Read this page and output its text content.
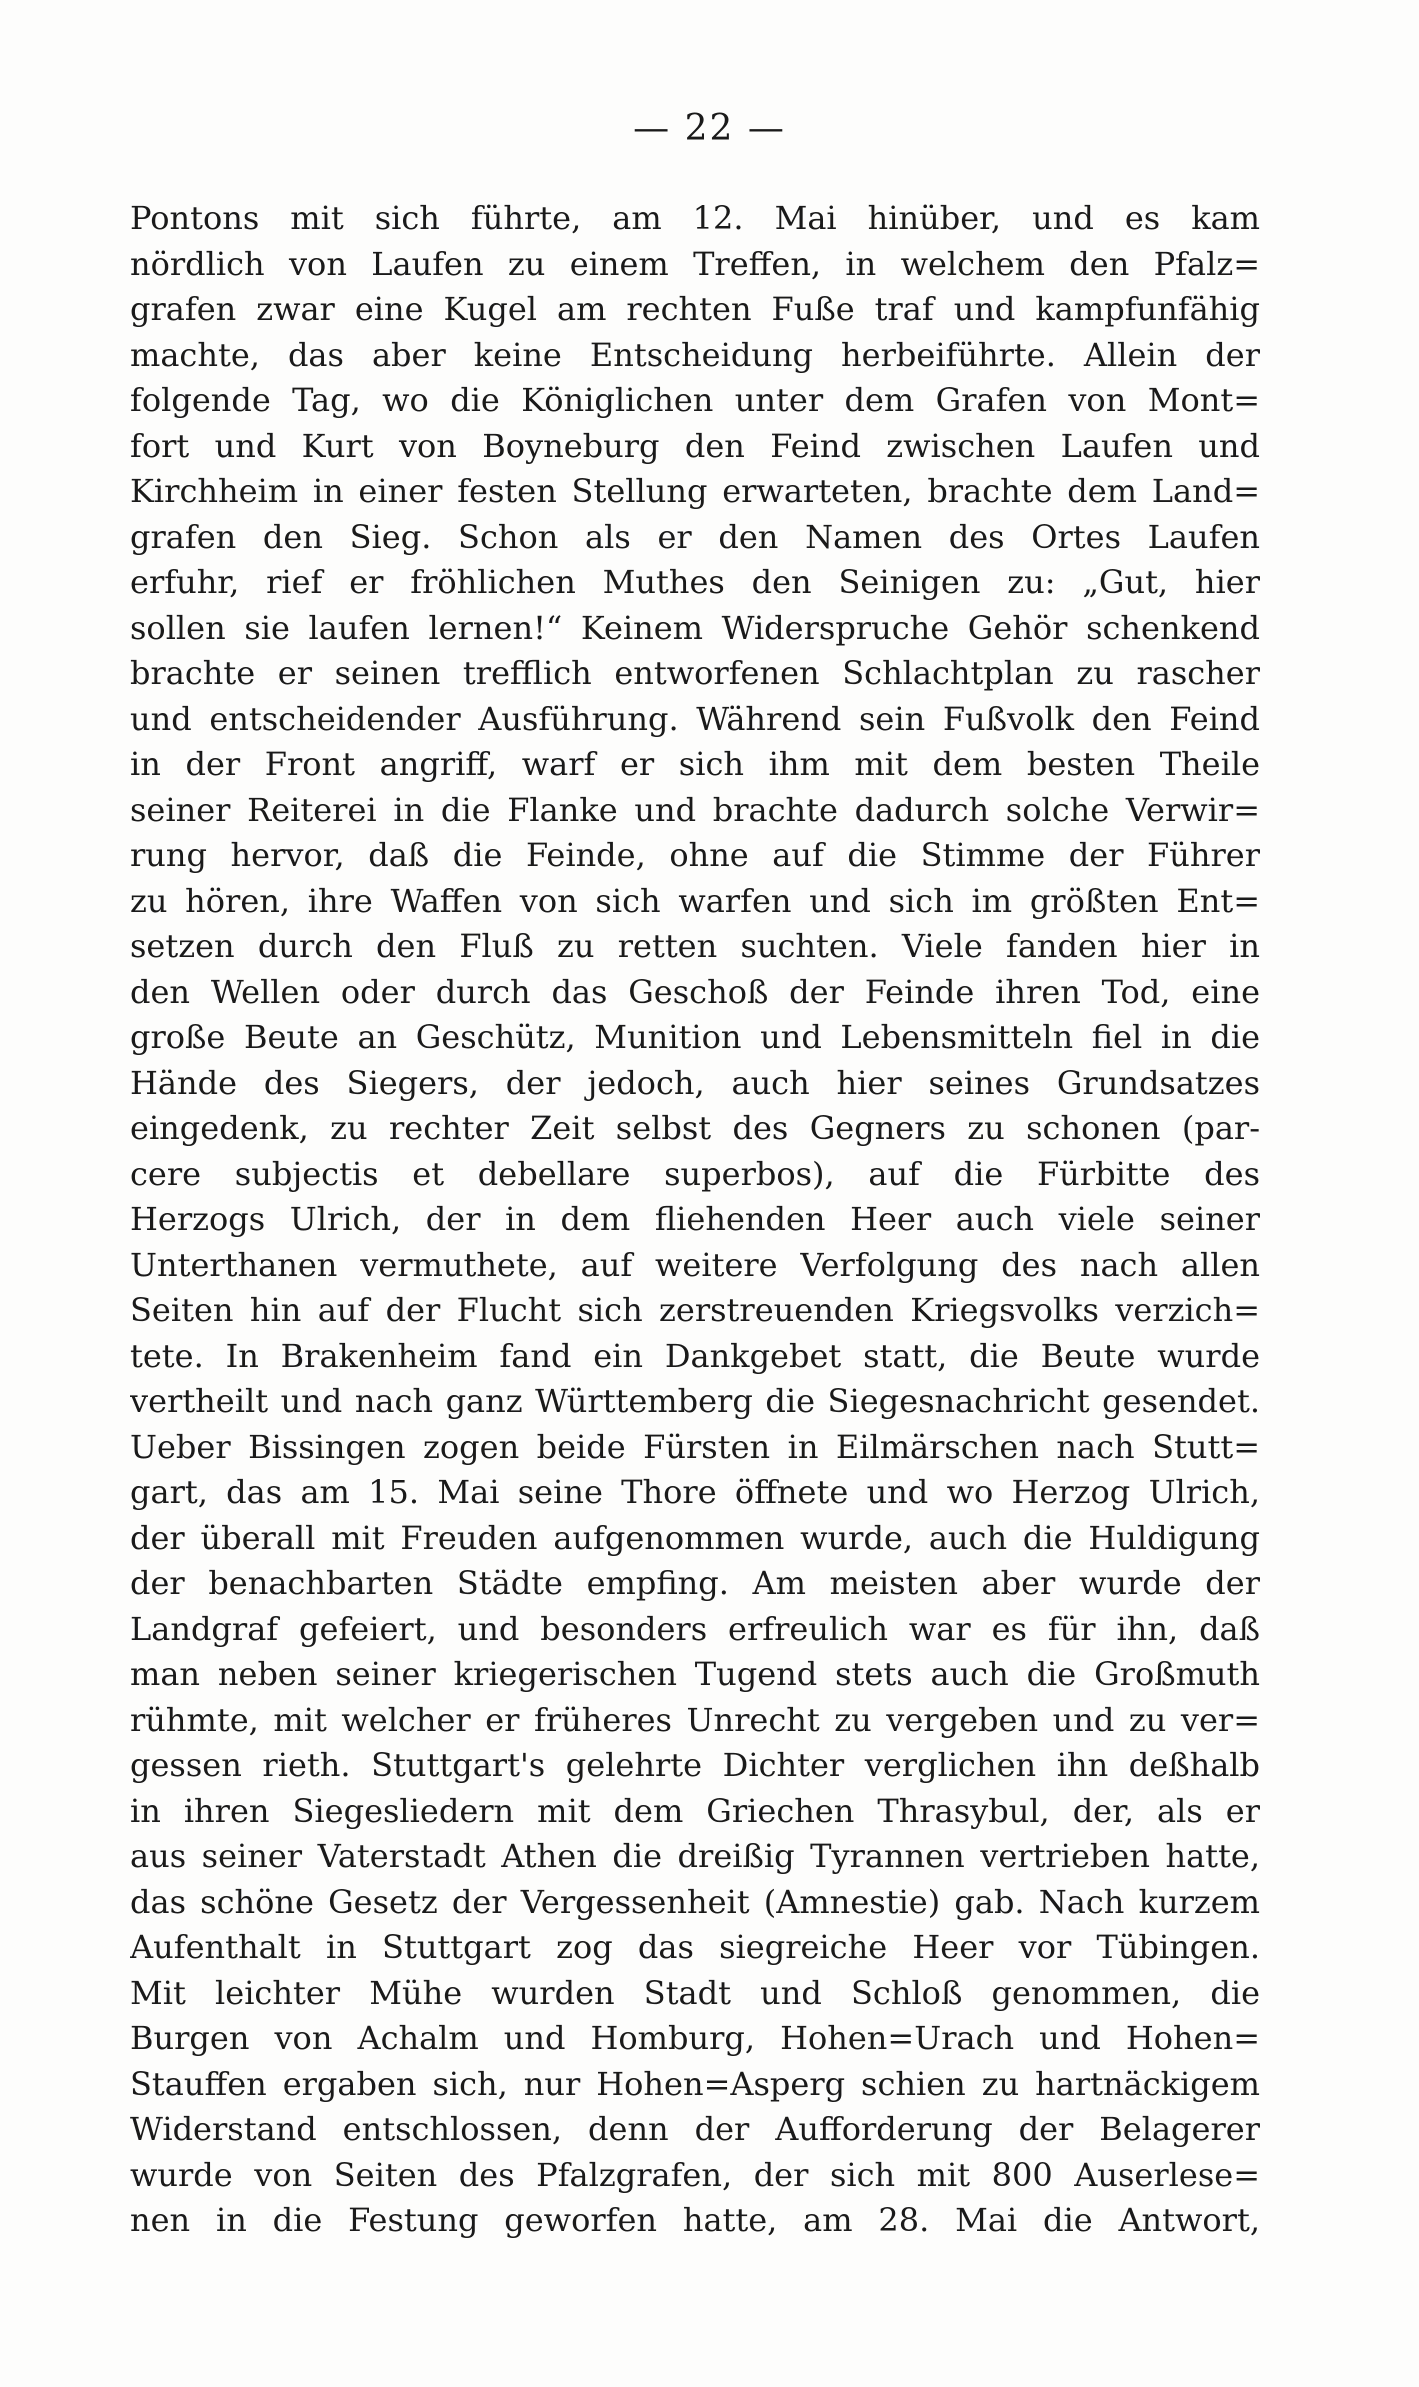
— 22 —
Pontons mit sich führte, am 12. Mai hinüber, und es kam
nördlich von Laufen zu einem Treffen, in welchem den Pfalz=
grafen zwar eine Kugel am rechten Fuße traf und kampfunfähig
machte, das aber keine Entscheidung herbeiführte. Allein der
folgende Tag, wo die Königlichen unter dem Grafen von Mont=
fort und Kurt von Boyneburg den Feind zwischen Laufen und
Kirchheim in einer festen Stellung erwarteten, brachte dem Land=
grafen den Sieg. Schon als er den Namen des Ortes Laufen
erfuhr, rief er fröhlichen Muthes den Seinigen zu: „Gut, hier
sollen sie laufen lernen!“ Keinem Widerspruche Gehör schenkend
brachte er seinen trefflich entworfenen Schlachtplan zu rascher
und entscheidender Ausführung. Während sein Fußvolk den Feind
in der Front angriff, warf er sich ihm mit dem besten Theile
seiner Reiterei in die Flanke und brachte dadurch solche Verwir=
rung hervor, daß die Feinde, ohne auf die Stimme der Führer
zu hören, ihre Waffen von sich warfen und sich im größten Ent=
setzen durch den Fluß zu retten suchten. Viele fanden hier in
den Wellen oder durch das Geschoß der Feinde ihren Tod, eine
große Beute an Geschütz, Munition und Lebensmitteln fiel in die
Hände des Siegers, der jedoch, auch hier seines Grundsatzes
eingedenk, zu rechter Zeit selbst des Gegners zu schonen (par-
cere subjectis et debellare superbos), auf die Fürbitte des
Herzogs Ulrich, der in dem fliehenden Heer auch viele seiner
Unterthanen vermuthete, auf weitere Verfolgung des nach allen
Seiten hin auf der Flucht sich zerstreuenden Kriegsvolks verzich=
tete. In Brakenheim fand ein Dankgebet statt, die Beute wurde
vertheilt und nach ganz Württemberg die Siegesnachricht gesendet.
Ueber Bissingen zogen beide Fürsten in Eilmärschen nach Stutt=
gart, das am 15. Mai seine Thore öffnete und wo Herzog Ulrich,
der überall mit Freuden aufgenommen wurde, auch die Huldigung
der benachbarten Städte empfing. Am meisten aber wurde der
Landgraf gefeiert, und besonders erfreulich war es für ihn, daß
man neben seiner kriegerischen Tugend stets auch die Großmuth
rühmte, mit welcher er früheres Unrecht zu vergeben und zu ver=
gessen rieth. Stuttgart's gelehrte Dichter verglichen ihn deßhalb
in ihren Siegesliedern mit dem Griechen Thrasybul, der, als er
aus seiner Vaterstadt Athen die dreißig Tyrannen vertrieben hatte,
das schöne Gesetz der Vergessenheit (Amnestie) gab. Nach kurzem
Aufenthalt in Stuttgart zog das siegreiche Heer vor Tübingen.
Mit leichter Mühe wurden Stadt und Schloß genommen, die
Burgen von Achalm und Homburg, Hohen=Urach und Hohen=
Stauffen ergaben sich, nur Hohen=Asperg schien zu hartnäckigem
Widerstand entschlossen, denn der Aufforderung der Belagerer
wurde von Seiten des Pfalzgrafen, der sich mit 800 Auserlese=
nen in die Festung geworfen hatte, am 28. Mai die Antwort,
